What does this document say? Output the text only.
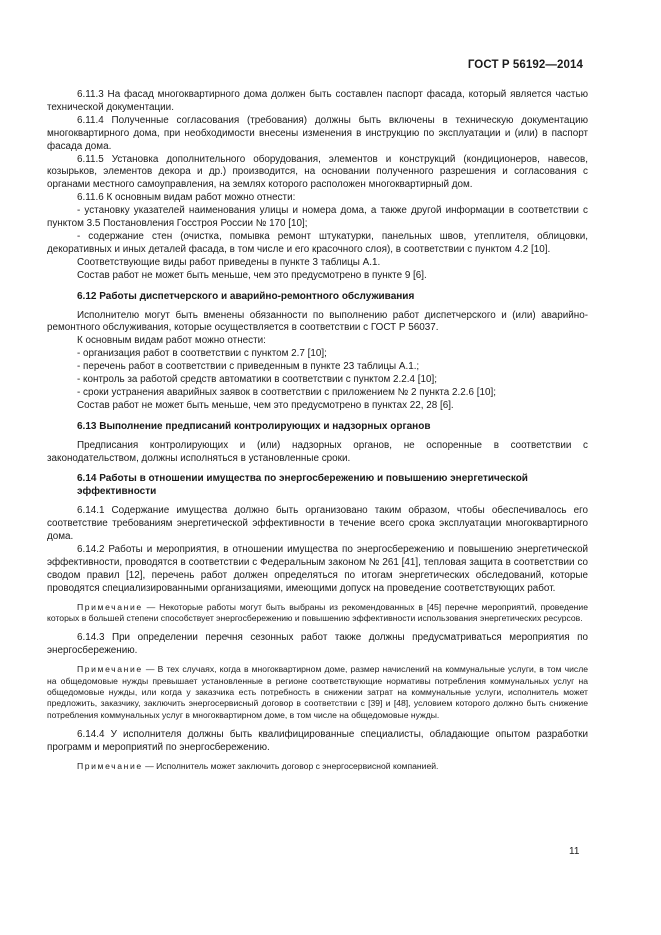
ГОСТ Р 56192—2014

6.11.3 На фасад многоквартирного дома должен быть составлен паспорт фасада, который является частью технической документации.

6.11.4 Полученные согласования (требования) должны быть включены в техническую документацию многоквартирного дома, при необходимости внесены изменения в инструкцию по эксплуатации и (или) в паспорт фасада дома.

6.11.5 Установка дополнительного оборудования, элементов и конструкций (кондиционеров, навесов, козырьков, элементов декора и др.) производится, на основании полученного разрешения и согласования с органами местного самоуправления, на землях которого расположен многоквартирный дом.

6.11.6 К основным видам работ можно отнести:

- установку указателей наименования улицы и номера дома, а также другой информации в соответствии с пунктом 3.5 Постановления Госстроя России № 170 [10];

- содержание стен (очистка, помывка ремонт штукатурки, панельных швов, утеплителя, облицовки, декоративных и иных деталей фасада, в том числе и его красочного слоя), в соответствии с пунктом 4.2 [10].

Соответствующие виды работ приведены в пункте 3 таблицы А.1.

Состав работ не может быть меньше, чем это предусмотрено в пункте 9 [6].

6.12 Работы диспетчерского и аварийно-ремонтного обслуживания

Исполнителю могут быть вменены обязанности по выполнению работ диспетчерского и (или) аварийно-ремонтного обслуживания, которые осуществляется в соответствии с ГОСТ Р 56037.

К основным видам работ можно отнести:

- организация работ в соответствии с пунктом 2.7 [10];

- перечень работ в соответствии с приведенным в пункте 23 таблицы А.1.;

- контроль за работой средств автоматики в соответствии с пунктом 2.2.4 [10];

- сроки устранения аварийных заявок в соответствии с приложением № 2 пункта 2.2.6 [10];

Состав работ не может быть меньше, чем это предусмотрено в пунктах 22, 28 [6].

6.13 Выполнение предписаний контролирующих и надзорных органов

Предписания контролирующих и (или) надзорных органов, не оспоренные в соответствии с законодательством, должны исполняться в установленные сроки.

6.14 Работы в отношении имущества по энергосбережению и повышению энергетической эффективности

6.14.1 Содержание имущества должно быть организовано таким образом, чтобы обеспечивалось его соответствие требованиям энергетической эффективности в течение всего срока эксплуатации многоквартирного дома.

6.14.2 Работы и мероприятия, в отношении имущества по энергосбережению и повышению энергетической эффективности, проводятся в соответствии с Федеральным законом № 261 [41], тепловая защита в соответствии со сводом правил [12], перечень работ должен определяться по итогам энергетических обследований, которые проводятся специализированными организациями, имеющими допуск на проведение соответствующих работ.

Примечание — Некоторые работы могут быть выбраны из рекомендованных в [45] перечне мероприятий, проведение которых в большей степени способствует энергосбережению и повышению эффективности использования энергетических ресурсов.

6.14.3 При определении перечня сезонных работ также должны предусматриваться мероприятия по энергосбережению.

Примечание — В тех случаях, когда в многоквартирном доме, размер начислений на коммунальные услуги, в том числе на общедомовые нужды превышает установленные в регионе соответствующие нормативы потребления коммунальных услуг на общедомовые нужды, или когда у заказчика есть потребность в снижении затрат на коммунальные услуги, исполнитель может предложить, заказчику, заключить энергосервисный договор в соответствии с [39] и [48], условием которого должно быть снижение потребления коммунальных услуг в многоквартирном доме, в том числе на общедомовые нужды.

6.14.4 У исполнителя должны быть квалифицированные специалисты, обладающие опытом разработки программ и мероприятий по энергосбережению.

Примечание — Исполнитель может заключить договор с энергосервисной компанией.

11
